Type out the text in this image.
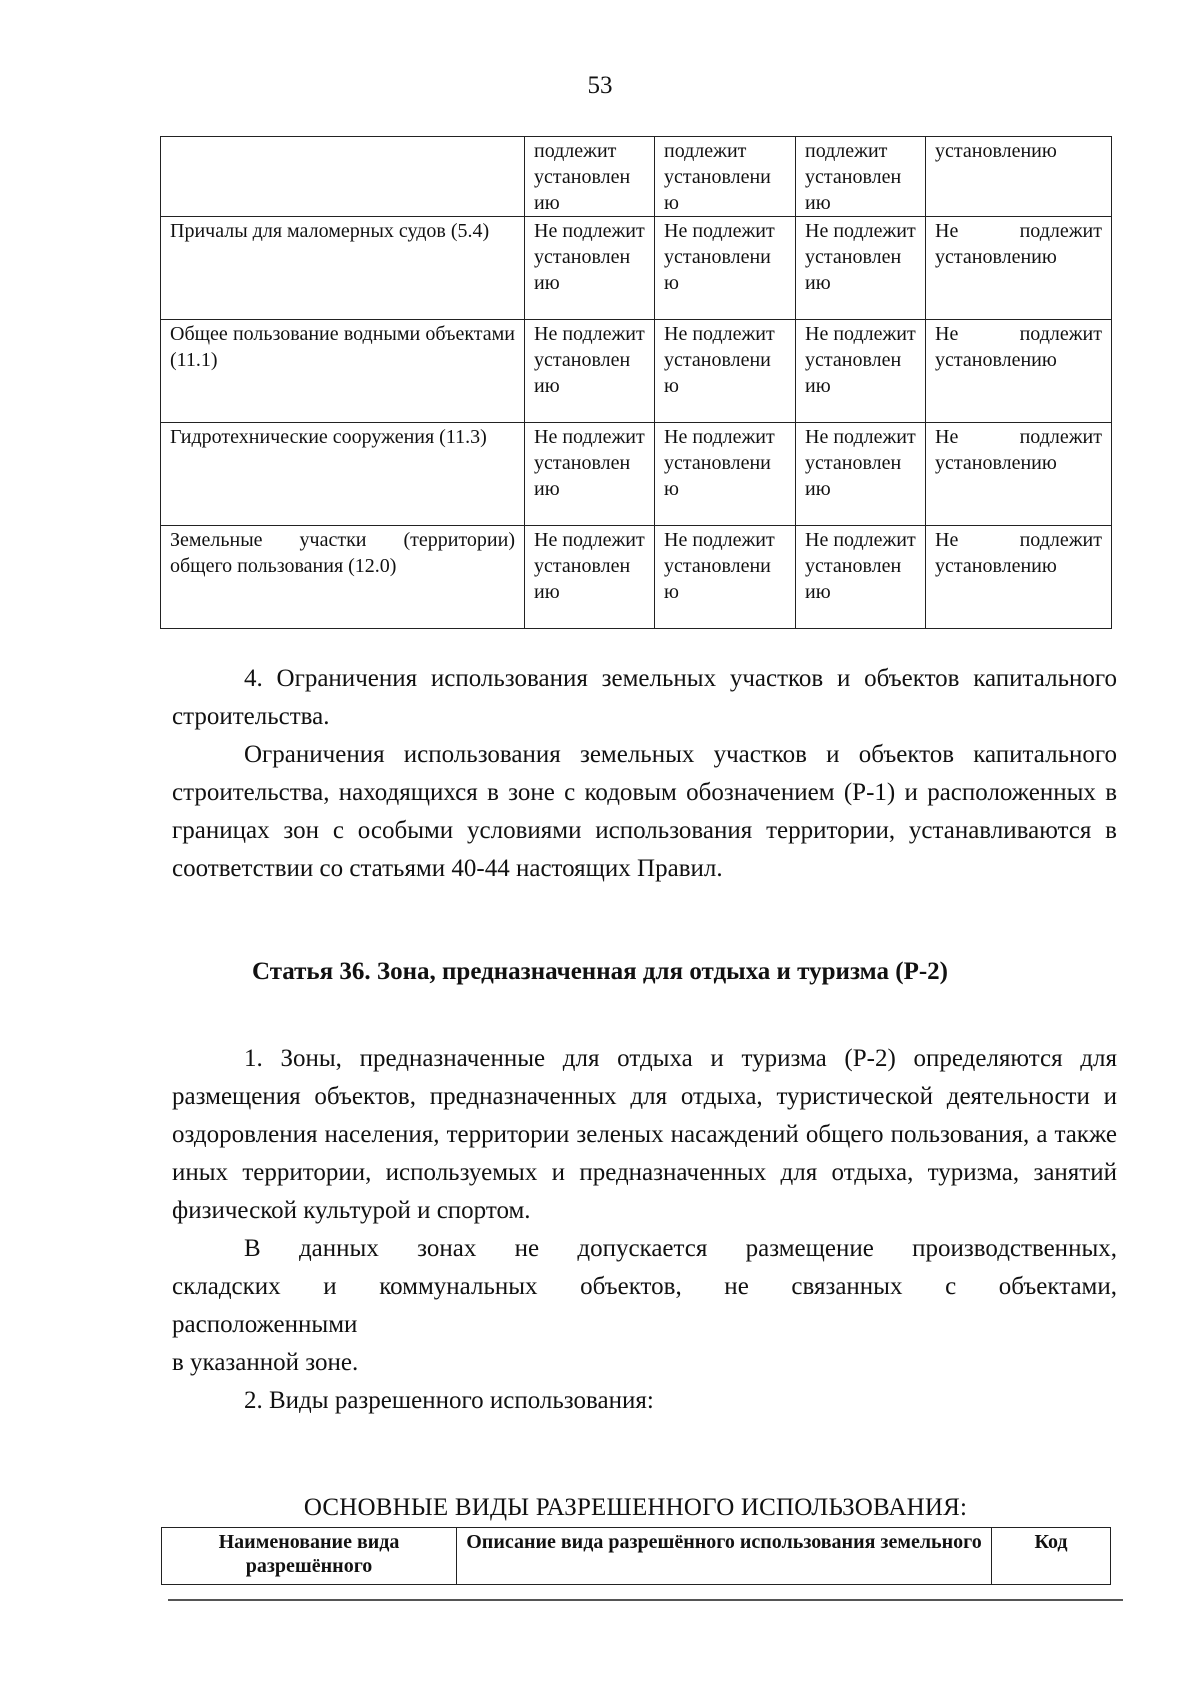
53
	подлежит установлен ию	подлежит установлени ю	подлежит установлен ию	установлению
Причалы для маломерных судов (5.4)	Не подлежит установлен ию	Не подлежит установлени ю	Не подлежит установлен ию	Не подлежит установлению
Общее пользование водными объектами (11.1)	Не подлежит установлен ию	Не подлежит установлени ю	Не подлежит установлен ию	Не подлежит установлению
Гидротехнические сооружения (11.3)	Не подлежит установлен ию	Не подлежит установлени ю	Не подлежит установлен ию	Не подлежит установлению
Земельные участки (территории) общего пользования (12.0)	Не подлежит установлен ию	Не подлежит установлени ю	Не подлежит установлен ию	Не подлежит установлению

4. Ограничения использования земельных участков и объектов капитального строительства.

Ограничения использования земельных участков и объектов капитального строительства, находящихся в зоне с кодовым обозначением (Р-1) и расположенных в границах зон с особыми условиями использования территории, устанавливаются в соответствии со статьями 40-44 настоящих Правил.

Статья 36. Зона, предназначенная для отдыха и туризма (Р-2)

1. Зоны, предназначенные для отдыха и туризма (Р-2) определяются для размещения объектов, предназначенных для отдыха, туристической деятельности и оздоровления населения, территории зеленых насаждений общего пользования, а также иных территории, используемых и предназначенных для отдыха, туризма, занятий физической культурой и спортом.

В данных зонах не допускается размещение производственных,
складских и коммунальных объектов, не связанных с объектами,
расположенными
в указанной зоне.
2. Виды разрешенного использования:
ОСНОВНЫЕ ВИДЫ РАЗРЕШЕННОГО ИСПОЛЬЗОВАНИЯ:
Наименование вида разрешённого	Описание вида разрешённого использования земельного	Код
